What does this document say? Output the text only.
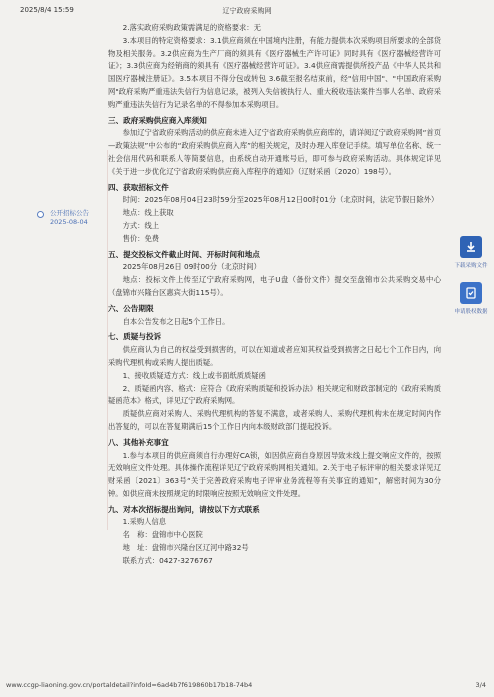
2025/8/4 15:59	辽宁政府采购网
公开招标公告
2025-08-04
下载采购文件
申请股权数据
2.落实政府采购政策需满足的资格要求：无
3.本项目的特定资格要求：3.1供应商须在中国境内注册，有能力提供本次采购项目所要求的全部货物及相关服务。3.2供应商为生产厂商的须具有《医疗器械生产许可证》同时具有《医疗器械经营许可证》；3.3供应商为经销商的须具有《医疗器械经营许可证》。3.4供应商需提供所投产品《中华人民共和国医疗器械注册证》。3.5本项目不得分包或转包 3.6截至报名结束前，经"信用中国"、"中国政府采购网"政府采购严重违法失信行为信息记录，被列入失信被执行人、重大税收违法案件当事人名单、政府采购严重违法失信行为记录名单的不得参加本采购项目。
三、政府采购供应商入库须知
参加辽宁省政府采购活动的供应商未进入辽宁省政府采购供应商库的，请详阅辽宁政府采购网“首页—政策法规”中公布的“政府采购供应商入库”的相关规定，及时办理入库登记手续。填写单位名称、统一社会信用代码和联系人等简要信息，由系统自动开通账号后，即可参与政府采购活动。具体规定详见《关于进一步优化辽宁省政府采购供应商入库程序的通知》（辽财采函〔2020〕198号）。
四、获取招标文件
时间：2025年08月04日23时59分至2025年08月12日00时01分（北京时间，法定节假日除外）
地点：线上获取
方式：线上
售价：免费
五、提交投标文件截止时间、开标时间和地点
2025年08月26日 09时00分（北京时间）
地点：投标文件上传至辽宁政府采购网，电子U盘（备份文件）提交至盘锦市公共采购交易中心（盘锦市兴隆台区惠宾大街115号）。
六、公告期限
自本公告发布之日起5个工作日。
七、质疑与投诉
供应商认为自己的权益受到损害的，可以在知道或者应知其权益受到损害之日起七个工作日内，向采购代理机构或采购人提出质疑。
1、接收质疑适方式：线上或书面纸质质疑函
2、质疑函内容、格式：应符合《政府采购质疑和投诉办法》相关规定和财政部制定的《政府采购质疑函范本》格式，详见辽宁政府采购网。
质疑供应商对采购人、采购代理机构的答复不满意，或者采购人、采购代理机构未在规定时间内作出答复的，可以在答复期满后15个工作日内向本级财政部门提起投诉。
八、其他补充事宜
1.参与本项目的供应商须自行办理好CA锁，如因供应商自身原因导致未线上提交响应文件的，按照无效响应文件处理。具体操作流程详见辽宁政府采购网相关通知。2.关于电子标评审的相关要求详见辽财采函〔2021〕363号“关于完善政府采购电子评审业务流程等有关事宜的通知”，解密时间为30分钟。如供应商未按照规定的时限响应按照无效响应文件处理。
九、对本次招标提出询问，请按以下方式联系
1.采购人信息
名　称：盘锦市中心医院
地　址：盘锦市兴隆台区辽河中路32号
联系方式：0427-3276767
www.ccgp-liaoning.gov.cn/portaldetail?infoId=6ad4b7f619860b17b18-74b4	3/4
